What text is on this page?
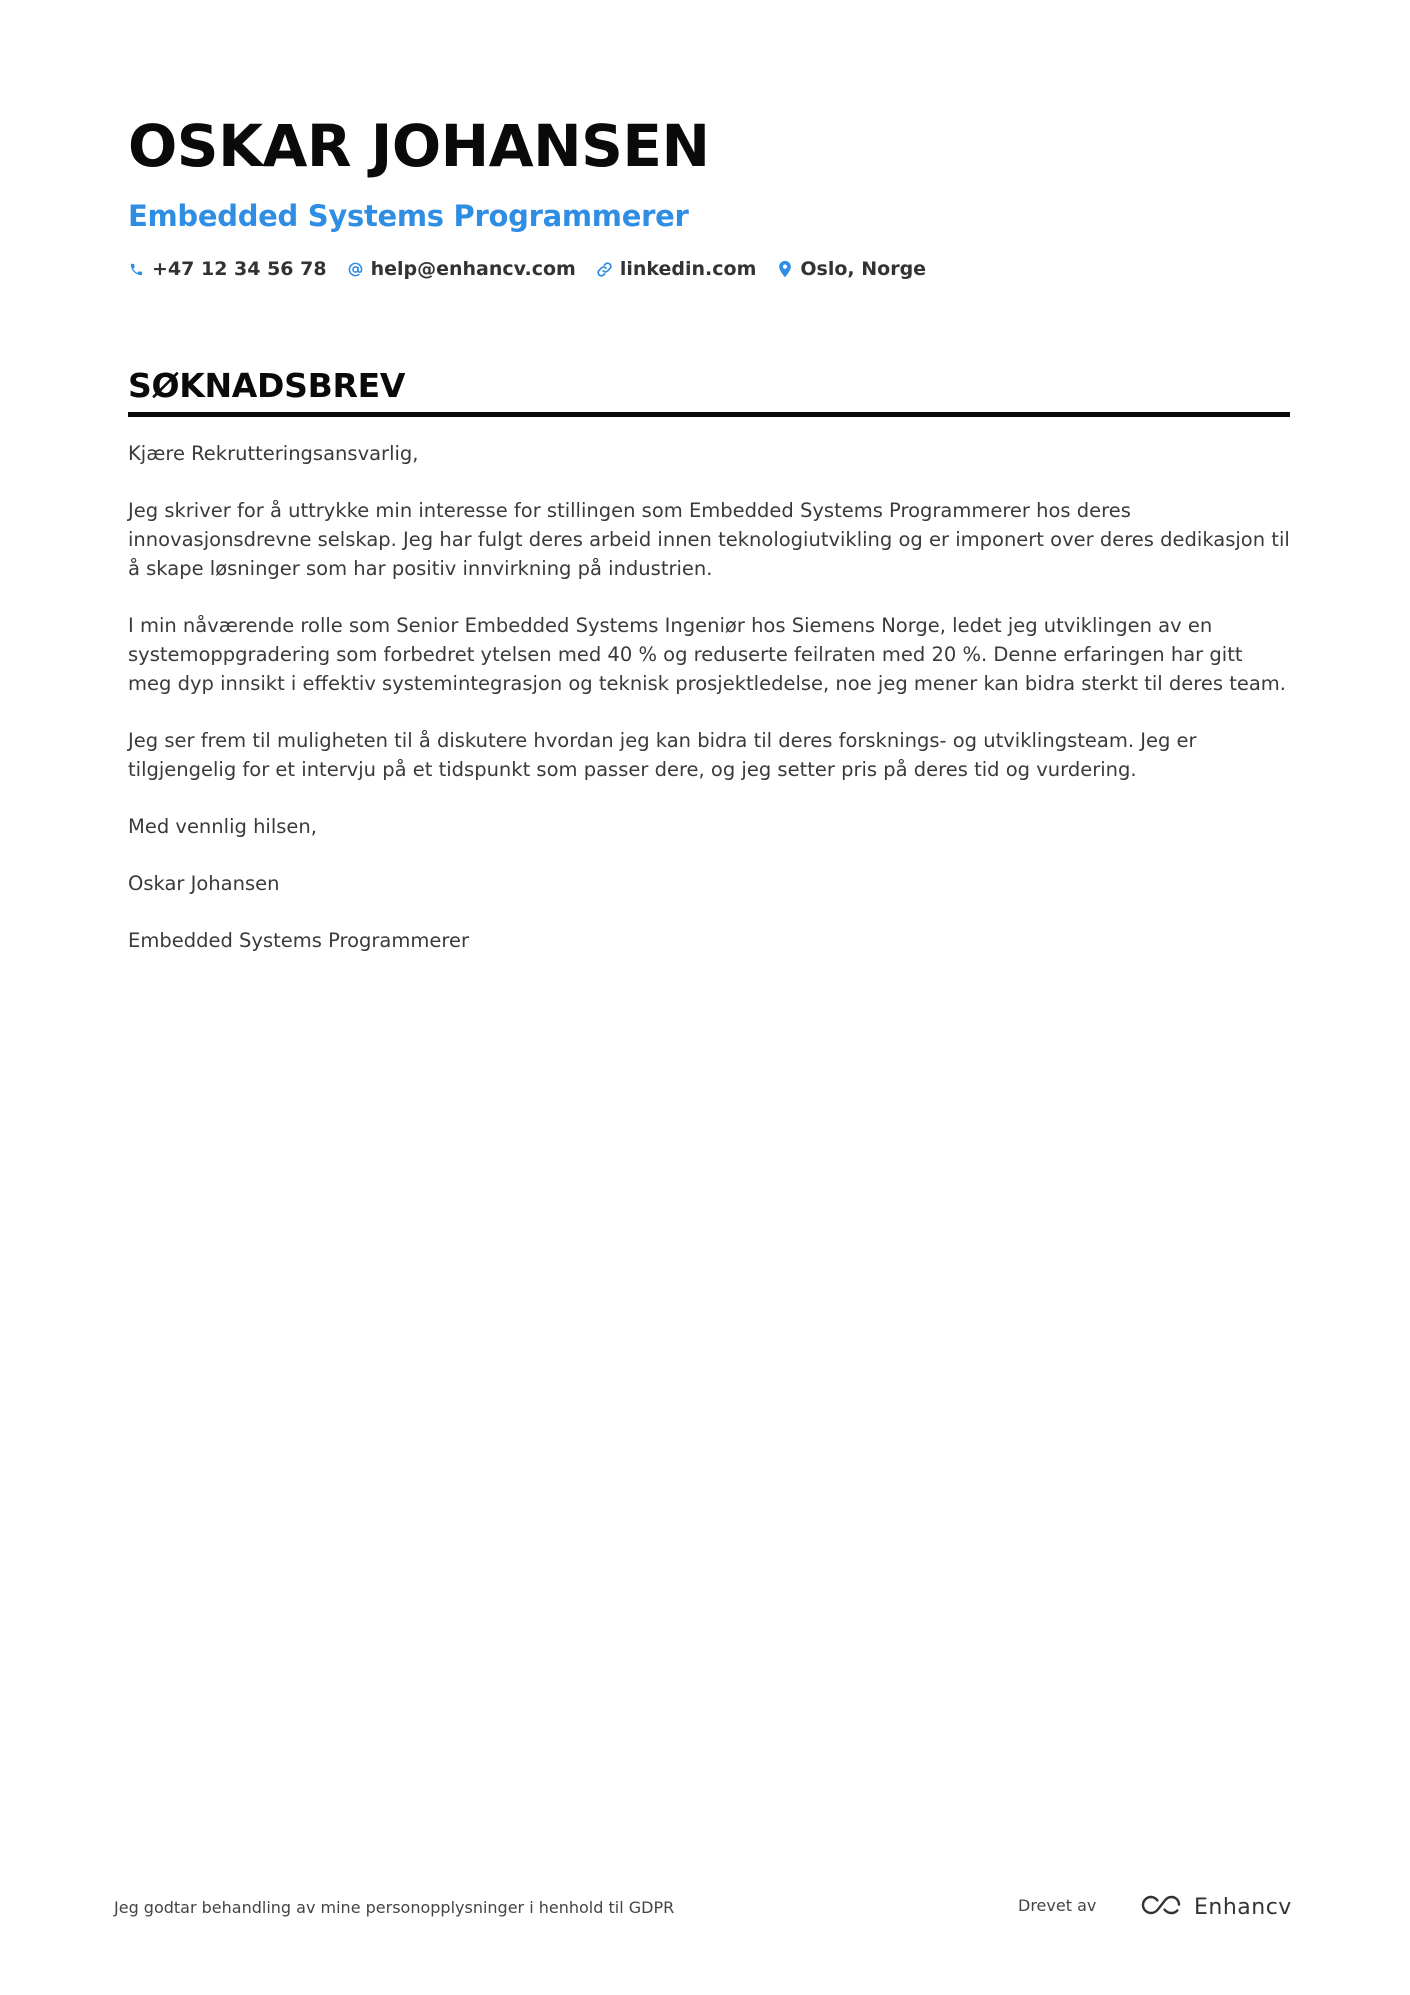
OSKAR JOHANSEN
Embedded Systems Programmerer
+47 12 34 56 78 help@enhancv.com linkedin.com Oslo, Norge
SØKNADSBREV

Kjære Rekrutteringsansvarlig,

Jeg skriver for å uttrykke min interesse for stillingen som Embedded Systems Programmerer hos deres innovasjonsdrevne selskap. Jeg har fulgt deres arbeid innen teknologiutvikling og er imponert over deres dedikasjon til å skape løsninger som har positiv innvirkning på industrien.

I min nåværende rolle som Senior Embedded Systems Ingeniør hos Siemens Norge, ledet jeg utviklingen av en systemoppgradering som forbedret ytelsen med 40 % og reduserte feilraten med 20 %. Denne erfaringen har gitt meg dyp innsikt i effektiv systemintegrasjon og teknisk prosjektledelse, noe jeg mener kan bidra sterkt til deres team.

Jeg ser frem til muligheten til å diskutere hvordan jeg kan bidra til deres forsknings- og utviklingsteam. Jeg er tilgjengelig for et intervju på et tidspunkt som passer dere, og jeg setter pris på deres tid og vurdering.

Med vennlig hilsen,

Oskar Johansen

Embedded Systems Programmerer

Jeg godtar behandling av mine personopplysninger i henhold til GDPR	Drevet av	Enhancv
